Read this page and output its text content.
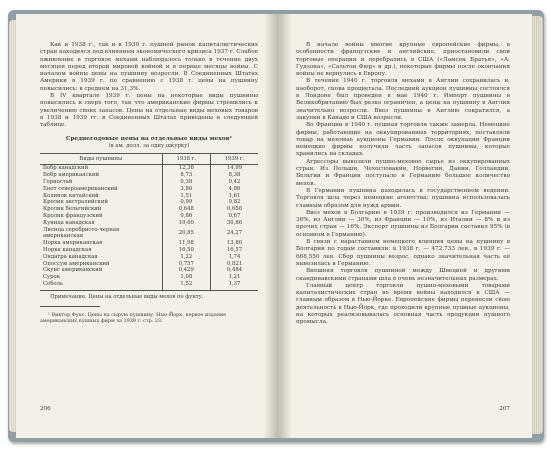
Как и 1938 г., так и в 1939 г. пушной рынок капиталистических стран находился под влиянием экономического кризиса 1937 г. Слабое оживление в торговле мехами наблюдалось только в течение двух месяцев перед второй мировой войной и в первые месяцы войны. С началом войны цены на пушнину возросли. В Соединенных Штатах Америки в 1939 г. по сравнению с 1938 г. цены на пушнину повысились: в среднем на 31,3%.

В IV квартале 1939 г. цены на некоторые виды пушнины повысились и сверх того, так что американские фирмы стремились к увеличению своих запасов. Цены на отдельные виды меховых товаров в 1938 и 1939 гг. в Соединенных Штатах приведены в следующей таблице.

Среднегодовые цены на отдельные виды мехов¹
(в ам. долл. за одну шкурку)
Виды пушнины	1938 г.	1939 г.
Бобр канадский	12,36	14,99
Бобр американский	8,73	8,38
Горностай	0,38	0,42
Енот североамериканский	3,86	4,86
Колинок китайский	1,51	1,61
Кролик австралийский	0,99	0,82
Кролик бельгийский	0,648	0,658
Кролик французский	0,86	0,67
Куница канадская	19,60	30,86
Лисица серебристо-черная американская	20,85	24,27
Норка американская	11,98	13,80
Норка канадская	16,50	16,57
Ондатра канадская	1,22	1,74
Опоссум американский	0,757	0,821
Скунс американский	0,429	0,484
Сурок	1,08	1,21
Соболь	1,52	1,37

Примечание. Цены на отдельные виды мехов по фунту.

¹ Виктор Фукс. Цены на сырую пушнину. Нью-Йорк, первое издание американских пушных фирм за 1939 г. стр. 23.

206

В начале войны многие крупные европейские фирмы, в особенности французские и английские, приостановили свои торговые операции и перебрались в США («Ламсон Братья», «А. Гудзона», «Сальтон Фюр» и др.), некоторые фирмы после окончания войны не вернулись в Европу.

В течение 1940 г. торговля мехами в Англии сохранилась и, наоборот, снова процветала. Последний аукцион пушнины состоялся в Лондоне был проведен в мае 1940 г. Импорт пушнины в Великобританию был резко ограничен, а цены на пушнину в Англии значительно возросли. Ввоз пушнины в Англию сократился, а закупки в Канаде и США возросли.

Во Франции в 1940 г. пушная торговля также замерла. Немецкие фирмы, работающие на оккупированных территориях, поставляли товар на меховые аукционы Германии. После оккупации Франции немецкие фирмы получили часть запасов пушнины, которые хранились на складах.

Агрессоры вывозили пушно-меховое сырье из оккупированных стран. Из Польши, Чехословакии, Норвегии, Дании, Голландии, Бельгии и Франции поступало в Германию большое количество мехов.

В Германии пушнина находилась в государственном ведении. Торговля шла через немецкие агентства; пушнина использовалась главным образом для нужд армии.

Ввоз мехов в Болгарию в 1939 г. производился из Германии — 36%, из Англии — 30%, из Франции — 10%, из Италии — 8% и из прочих стран — 16%. Экспорт пушнины из Болгарии составил 95% (в основном в Германию).

В связи с нарастанием немецкого влияния цены на пушнину в Болгарии по годам составили: в 1938 г. — 472,733 лев., в 1939 г. — 668,550 лев. Сбор пушнины возрос, однако значительная часть её вывозилась в Германию.

Внешняя торговля пушниной между Швецией и другими скандинавскими странами шла в очень незначительных размерах.

Главный центр торговли пушно-меховыми товарами капиталистических стран во время войны находился в США — главным образом в Нью-Йорке. Европейские фирмы перенесли свою деятельность в Нью-Йорк, где проходили крупные пушные аукционы, на которых реализовывалась основная часть продукции пушного промысла.

207
